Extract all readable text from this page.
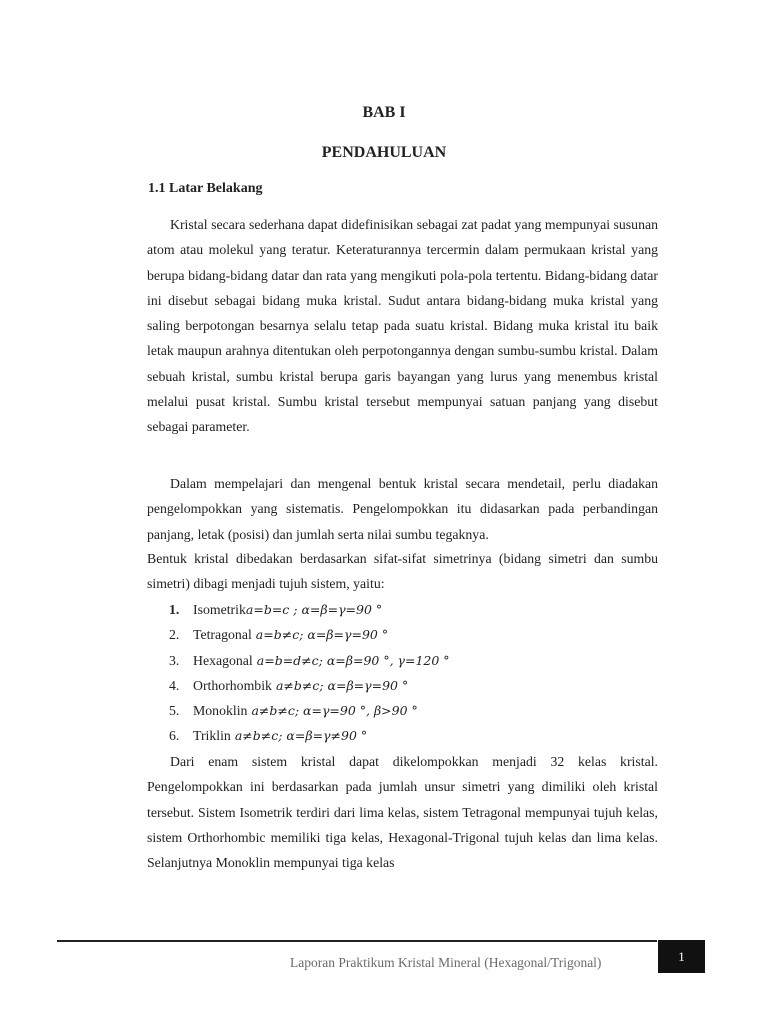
BAB I
PENDAHULUAN
1.1 Latar Belakang

Kristal secara sederhana dapat didefinisikan sebagai zat padat yang mempunyai susunan atom atau molekul yang teratur. Keteraturannya tercermin dalam permukaan kristal yang berupa bidang-bidang datar dan rata yang mengikuti pola-pola tertentu. Bidang-bidang datar ini disebut sebagai bidang muka kristal. Sudut antara bidang-bidang muka kristal yang saling berpotongan besarnya selalu tetap pada suatu kristal. Bidang muka kristal itu baik letak maupun arahnya ditentukan oleh perpotongannya dengan sumbu-sumbu kristal. Dalam sebuah kristal, sumbu kristal berupa garis bayangan yang lurus yang menembus kristal melalui pusat kristal. Sumbu kristal tersebut mempunyai satuan panjang yang disebut sebagai parameter.

Dalam mempelajari dan mengenal bentuk kristal secara mendetail, perlu diadakan pengelompokkan yang sistematis. Pengelompokkan itu didasarkan pada perbandingan panjang, letak (posisi) dan jumlah serta nilai sumbu tegaknya.

Bentuk kristal dibedakan berdasarkan sifat-sifat simetrinya (bidang simetri dan sumbu simetri) dibagi menjadi tujuh sistem, yaitu:

1. Isometrik a=b=c ; α=β=γ=90 °
2. Tetragonal a=b≠c; α=β=γ=90 °
3. Hexagonal a=b=d≠c; α=β=90 °, γ=120 °
4. Orthorhombik a≠b≠c; α=β=γ=90 °
5. Monoklin a≠b≠c; α=γ=90 °, β>90 °
6. Triklin a≠b≠c; α=β=γ≠90 °

Dari enam sistem kristal dapat dikelompokkan menjadi 32 kelas kristal. Pengelompokkan ini berdasarkan pada jumlah unsur simetri yang dimiliki oleh kristal tersebut. Sistem Isometrik terdiri dari lima kelas, sistem Tetragonal mempunyai tujuh kelas, sistem Orthorhombic memiliki tiga kelas, Hexagonal-Trigonal tujuh kelas dan lima kelas. Selanjutnya Monoklin mempunyai tiga kelas

Laporan Praktikum Kristal Mineral (Hexagonal/Trigonal)	1
